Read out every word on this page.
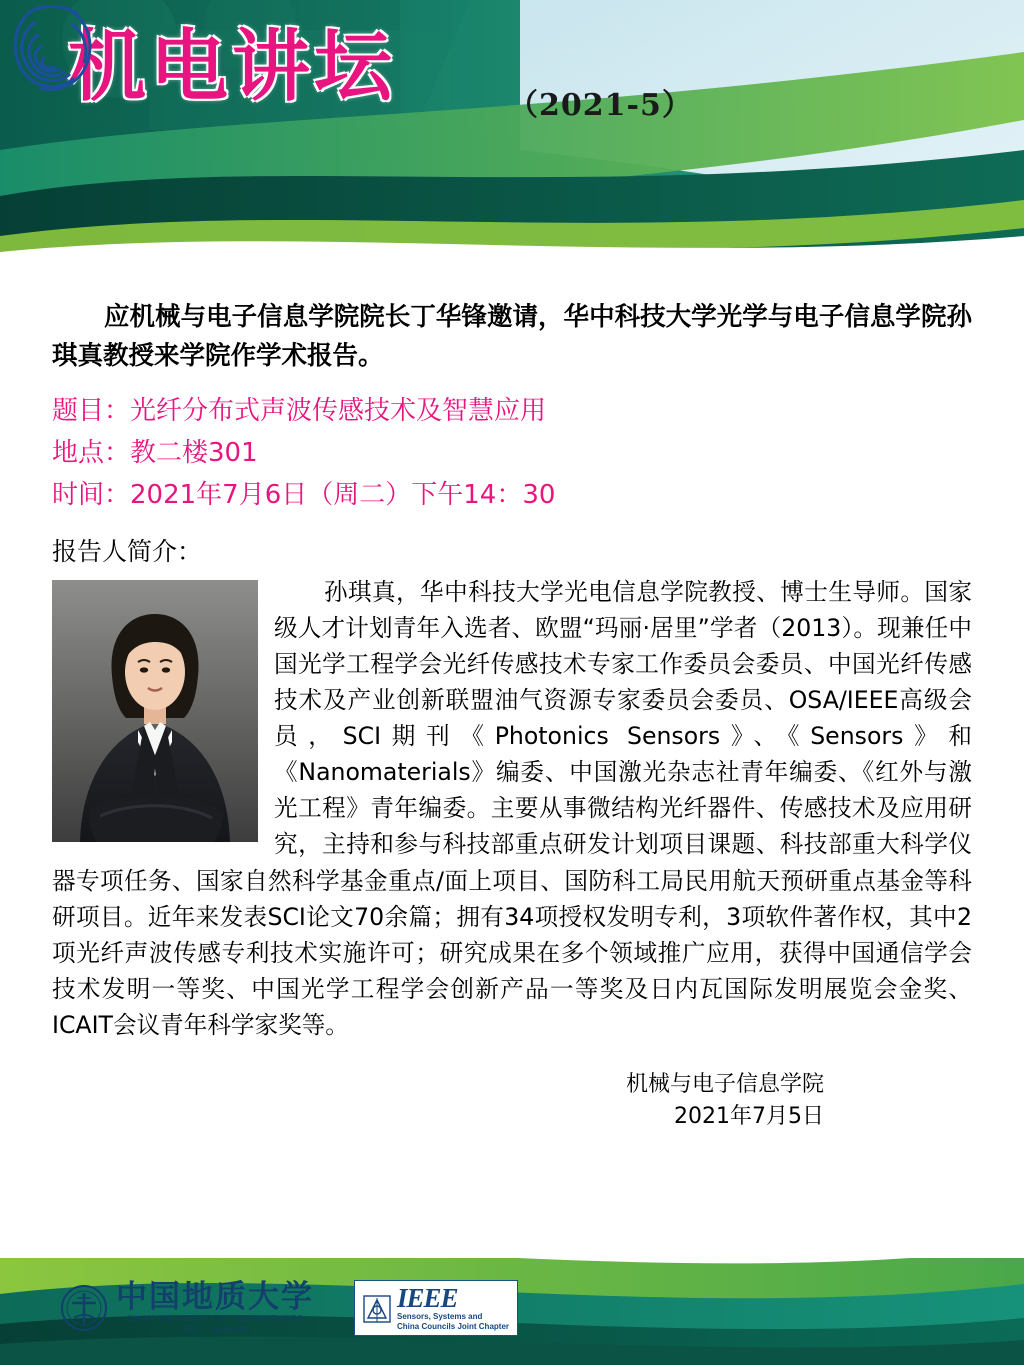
机电讲坛	（2021-5）

应机械与电子信息学院院长丁华锋邀请，华中科技大学光学与电子信息学院孙琪真教授来学院作学术报告。

题目：光纤分布式声波传感技术及智慧应用
地点：教二楼301
时间：2021年7月6日（周二）下午14：30
报告人简介：

孙琪真，华中科技大学光电信息学院教授、博士生导师。国家级人才计划青年入选者、欧盟“玛丽·居里”学者（2013）。现兼任中国光学工程学会光纤传感技术专家工作委员会委员、中国光纤传感技术及产业创新联盟油气资源专家委员会委员、OSA/IEEE高级会员，SCI期刊《Photonics Sensors》、《Sensors》和《Nanomaterials》编委、中国激光杂志社青年编委、《红外与激光工程》青年编委。主要从事微结构光纤器件、传感技术及应用研究，主持和参与科技部重点研发计划项目课题、科技部重大科学仪器专项任务、国家自然科学基金重点/面上项目、国防科工局民用航天预研重点基金等科研项目。近年来发表SCI论文70余篇；拥有34项授权发明专利，3项软件著作权，其中2项光纤声波传感专利技术实施许可；研究成果在多个领域推广应用，获得中国通信学会技术发明一等奖、中国光学工程学会创新产品一等奖及日内瓦国际发明展览会金奖、ICAIT会议青年科学家奖等。

机械与电子信息学院
2021年7月5日
中国地质大学
CHINA UNIVERSITY OF GEOSCIENCES
武汉 · WUHAN
IEEE
Sensors, Systems and
China Councils Joint Chapter
